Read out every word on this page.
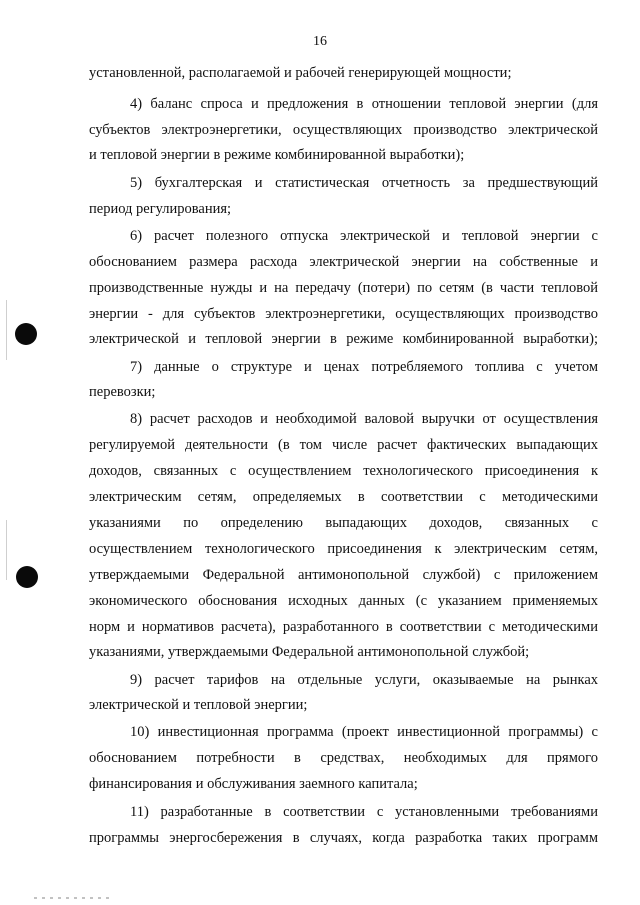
16
установленной, располагаемой и рабочей генерирующей мощности;
4) баланс спроса и предложения в отношении тепловой энергии (для
субъектов электроэнергетики, осуществляющих производство электрической
и тепловой энергии в режиме комбинированной выработки);
5) бухгалтерская и статистическая отчетность за предшествующий
период регулирования;
6) расчет полезного отпуска электрической и тепловой энергии с
обоснованием размера расхода электрической энергии на собственные и
производственные нужды и на передачу (потери) по сетям (в части тепловой
энергии - для субъектов электроэнергетики, осуществляющих производство
электрической и тепловой энергии в режиме комбинированной выработки);
7) данные о структуре и ценах потребляемого топлива с учетом
перевозки;
8) расчет расходов и необходимой валовой выручки от осуществления
регулируемой деятельности (в том числе расчет фактических выпадающих
доходов, связанных с осуществлением технологического присоединения к
электрическим сетям, определяемых в соответствии с методическими
указаниями по определению выпадающих доходов, связанных с
осуществлением технологического присоединения к электрическим сетям,
утверждаемыми Федеральной антимонопольной службой) с приложением
экономического обоснования исходных данных (с указанием применяемых
норм и нормативов расчета), разработанного в соответствии с методическими
указаниями, утверждаемыми Федеральной антимонопольной службой;
9) расчет тарифов на отдельные услуги, оказываемые на рынках
электрической и тепловой энергии;
10) инвестиционная программа (проект инвестиционной программы) с
обоснованием потребности в средствах, необходимых для прямого
финансирования и обслуживания заемного капитала;
11) разработанные в соответствии с установленными требованиями
программы энергосбережения в случаях, когда разработка таких программ
